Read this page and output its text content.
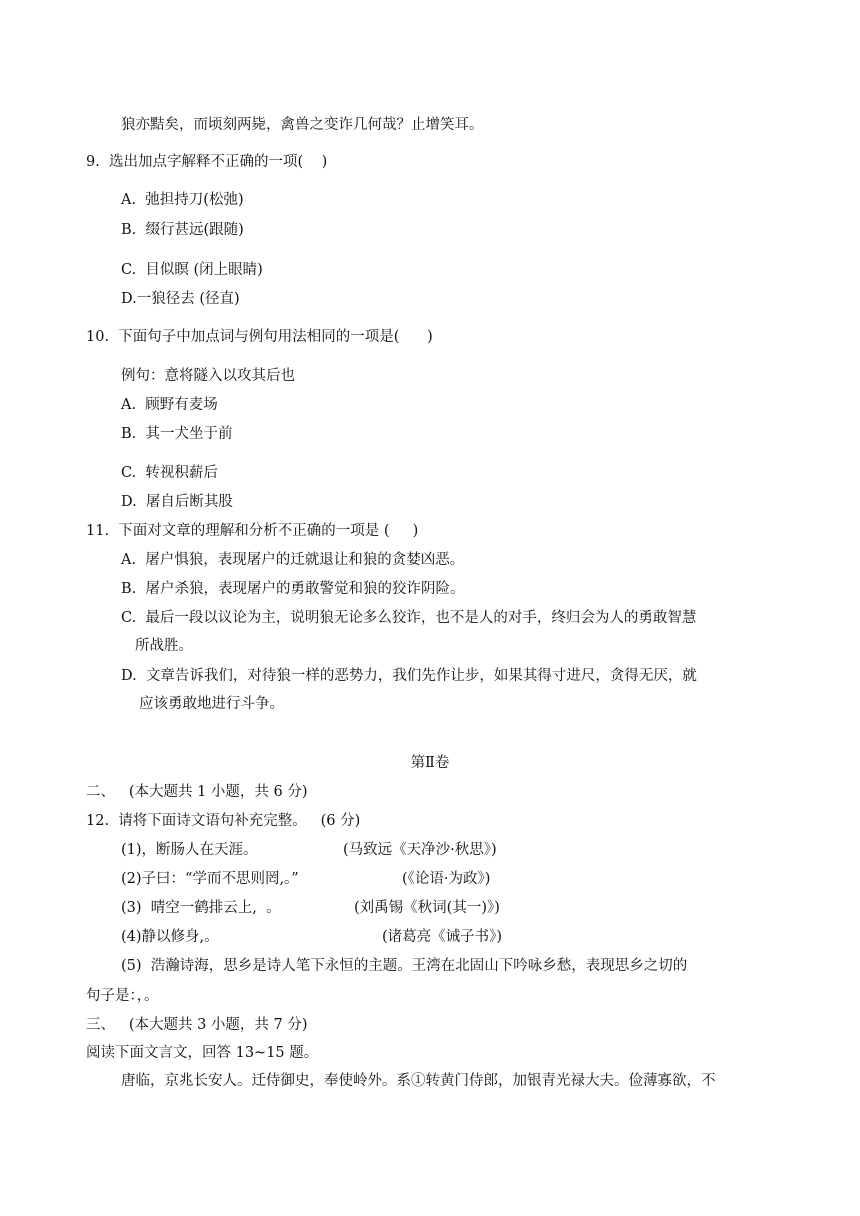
狼亦黠矣，而顷刻两毙，禽兽之变诈几何哉？止增笑耳。
9.  选出加点字解释不正确的一项(    )
A.  弛担持刀(松弛)
B.  缀行甚远(跟随)
C.  目似瞑 (闭上眼睛)
D.一狼径去 (径直)
10.  下面句子中加点词与例句用法相同的一项是(      )
例句：意将隧入以攻其后也
A.  顾野有麦场
B.  其一犬坐于前
C.  转视积薪后
D.  屠自后断其股
11.  下面对文章的理解和分析不正确的一项是 (     )
A.  屠户惧狼，表现屠户的迁就退让和狼的贪婪凶恶。
B.  屠户杀狼，表现屠户的勇敢警觉和狼的狡诈阴险。
C.  最后一段以议论为主，说明狼无论多么狡诈，也不是人的对手，终归会为人的勇敢智慧
所战胜。
D.  文章告诉我们，对待狼一样的恶势力，我们先作让步，如果其得寸进尺，贪得无厌，就
应该勇敢地进行斗争。
第Ⅱ卷
二、   (本大题共 1 小题，共 6 分)
12.  请将下面诗文语句补充完整。   (6 分)
(1)，断肠人在天涯。	(马致远《天净沙·秋思》)
(2)子曰：“学而不思则罔,。”	(《论语·为政》)
(3)  晴空一鹤排云上,  。	(刘禹锡《秋词(其一)》)
(4)静以修身,。	(诸葛亮《诫子书》)
(5)  浩瀚诗海，思乡是诗人笔下永恒的主题。王湾在北固山下吟咏乡愁，表现思乡之切的
句子是：，。
三、   (本大题共 3 小题，共 7 分)
阅读下面文言文，回答 13~15 题。
唐临，京兆长安人。迁侍御史，奉使岭外。系①转黄门侍郎，加银青光禄大夫。俭薄寡欲，不
